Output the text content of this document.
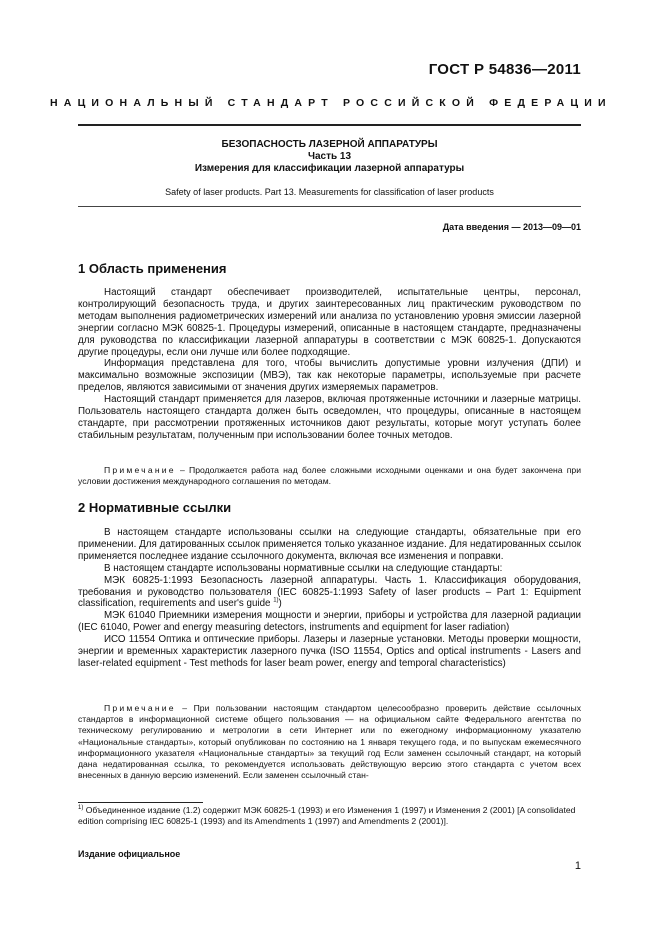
ГОСТ Р 54836—2011
НАЦИОНАЛЬНЫЙ СТАНДАРТ РОССИЙСКОЙ ФЕДЕРАЦИИ
БЕЗОПАСНОСТЬ ЛАЗЕРНОЙ АППАРАТУРЫ
Часть 13
Измерения для классификации лазерной аппаратуры
Safety of laser products. Part 13. Measurements for classification of laser products
Дата введения — 2013—09—01
1 Область применения

Настоящий стандарт обеспечивает производителей, испытательные центры, персонал, контролирующий безопасность труда, и других заинтересованных лиц практическим руководством по методам выполнения радиометрических измерений или анализа по установлению уровня эмиссии лазерной энергии согласно МЭК 60825-1. Процедуры измерений, описанные в настоящем стандарте, предназначены для руководства по классификации лазерной аппаратуры в соответствии с МЭК 60825-1. Допускаются другие процедуры, если они лучше или более подходящие.

Информация представлена для того, чтобы вычислить допустимые уровни излучения (ДПИ) и максимально возможные экспозиции (МВЭ), так как некоторые параметры, используемые при расчете пределов, являются зависимыми от значения других измеряемых параметров.

Настоящий стандарт применяется для лазеров, включая протяженные источники и лазерные матрицы. Пользователь настоящего стандарта должен быть осведомлен, что процедуры, описанные в настоящем стандарте, при рассмотрении протяженных источников дают результаты, которые могут уступать более стабильным результатам, полученным при использовании более точных методов.

Примечание – Продолжается работа над более сложными исходными оценками и она будет закончена при условии достижения международного соглашения по методам.

2 Нормативные ссылки

В настоящем стандарте использованы ссылки на следующие стандарты, обязательные при его применении. Для датированных ссылок применяется только указанное издание. Для недатированных ссылок применяется последнее издание ссылочного документа, включая все изменения и поправки.

В настоящем стандарте использованы нормативные ссылки на следующие стандарты:

МЭК 60825-1:1993 Безопасность лазерной аппаратуры. Часть 1. Классификация оборудования, требования и руководство пользователя (IEC 60825-1:1993 Safety of laser products – Part 1: Equipment classification, requirements and user's guide $^{1)}$)

МЭК 61040 Приемники измерения мощности и энергии, приборы и устройства для лазерной радиации (IEC 61040, Power and energy measuring detectors, instruments and equipment for laser radiation)

ИСО 11554 Оптика и оптические приборы. Лазеры и лазерные установки. Методы проверки мощности, энергии и временных характеристик лазерного пучка (ISO 11554, Optics and optical instruments - Lasers and laser-related equipment - Test methods for laser beam power, energy and temporal characteristics)

Примечание – При пользовании настоящим стандартом целесообразно проверить действие ссылочных стандартов в информационной системе общего пользования — на официальном сайте Федерального агентства по техническому регулированию и метрологии в сети Интернет или по ежегодному информационному указателю «Национальные стандарты», который опубликован по состоянию на 1 января текущего года, и по выпускам ежемесячного информационного указателя «Национальные стандарты» за текущий год Если заменен ссылочный стандарт, на который дана недатированная ссылка, то рекомендуется использовать действующую версию этого стандарта с учетом всех внесенных в данную версию изменений. Если заменен ссылочный стан-

$^{1)}$ Объединенное издание (1.2) содержит МЭК 60825-1 (1993) и его Изменения 1 (1997) и Изменения 2 (2001) [A consolidated edition comprising IEC 60825-1 (1993) and its Amendments 1 (1997) and Amendments 2 (2001)].

Издание официальное
1
